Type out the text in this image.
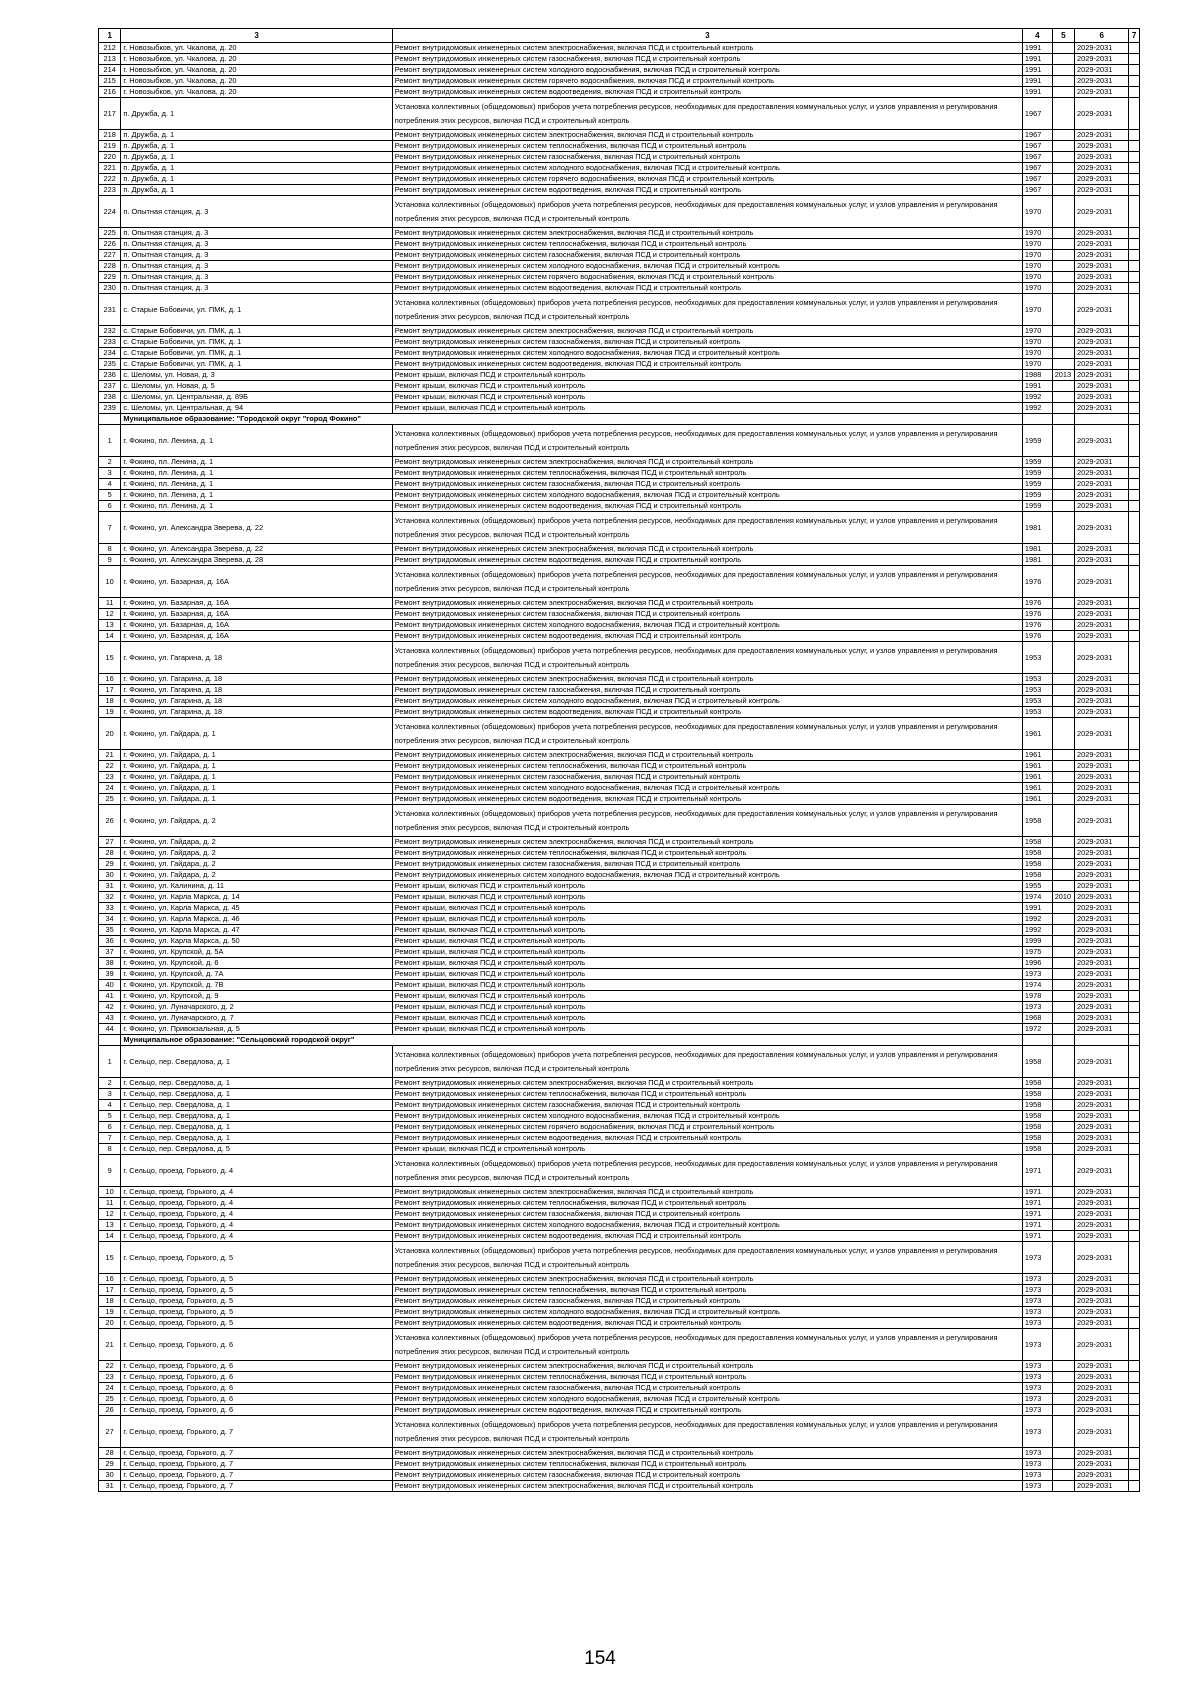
1	3	3	4	5	6	7
212	г. Новозыбков, ул. Чкалова, д. 20	Ремонт внутридомовых инженерных систем электроснабжения, включая ПСД и строительный контроль	1991		2029-2031	
213	г. Новозыбков, ул. Чкалова, д. 20	Ремонт внутридомовых инженерных систем газоснабжения, включая ПСД и строительный контроль	1991		2029-2031	
214	г. Новозыбков, ул. Чкалова, д. 20	Ремонт внутридомовых инженерных систем холодного водоснабжения, включая ПСД и строительный контроль	1991		2029-2031	
215	г. Новозыбков, ул. Чкалова, д. 20	Ремонт внутридомовых инженерных систем горячего водоснабжения, включая ПСД и строительный контроль	1991		2029-2031	
216	г. Новозыбков, ул. Чкалова, д. 20	Ремонт внутридомовых инженерных систем водоотведения, включая ПСД и строительный контроль	1991		2029-2031	
217	п. Дружба, д. 1	Установка коллективных (общедомовых) приборов учета потребления ресурсов, необходимых для предоставления коммунальных услуг, и узлов управления и регулирования потребления этих ресурсов, включая ПСД и строительный контроль	1967		2029-2031	
218	п. Дружба, д. 1	Ремонт внутридомовых инженерных систем электроснабжения, включая ПСД и строительный контроль	1967		2029-2031	
219	п. Дружба, д. 1	Ремонт внутридомовых инженерных систем теплоснабжения, включая ПСД и строительный контроль	1967		2029-2031	
220	п. Дружба, д. 1	Ремонт внутридомовых инженерных систем газоснабжения, включая ПСД и строительный контроль	1967		2029-2031	
221	п. Дружба, д. 1	Ремонт внутридомовых инженерных систем холодного водоснабжения, включая ПСД и строительный контроль	1967		2029-2031	
222	п. Дружба, д. 1	Ремонт внутридомовых инженерных систем горячего водоснабжения, включая ПСД и строительный контроль	1967		2029-2031	
223	п. Дружба, д. 1	Ремонт внутридомовых инженерных систем водоотведения, включая ПСД и строительный контроль	1967		2029-2031	
224	п. Опытная станция, д. 3	Установка коллективных (общедомовых) приборов учета потребления ресурсов, необходимых для предоставления коммунальных услуг, и узлов управления и регулирования потребления этих ресурсов, включая ПСД и строительный контроль	1970		2029-2031	
225	п. Опытная станция, д. 3	Ремонт внутридомовых инженерных систем электроснабжения, включая ПСД и строительный контроль	1970		2029-2031	
226	п. Опытная станция, д. 3	Ремонт внутридомовых инженерных систем теплоснабжения, включая ПСД и строительный контроль	1970		2029-2031	
227	п. Опытная станция, д. 3	Ремонт внутридомовых инженерных систем газоснабжения, включая ПСД и строительный контроль	1970		2029-2031	
228	п. Опытная станция, д. 3	Ремонт внутридомовых инженерных систем холодного водоснабжения, включая ПСД и строительный контроль	1970		2029-2031	
229	п. Опытная станция, д. 3	Ремонт внутридомовых инженерных систем горячего водоснабжения, включая ПСД и строительный контроль	1970		2029-2031	
230	п. Опытная станция, д. 3	Ремонт внутридомовых инженерных систем водоотведения, включая ПСД и строительный контроль	1970		2029-2031	
231	с. Старые Бобовичи, ул. ПМК, д. 1	Установка коллективных (общедомовых) приборов учета потребления ресурсов, необходимых для предоставления коммунальных услуг, и узлов управления и регулирования потребления этих ресурсов, включая ПСД и строительный контроль	1970		2029-2031	
232	с. Старые Бобовичи, ул. ПМК, д. 1	Ремонт внутридомовых инженерных систем электроснабжения, включая ПСД и строительный контроль	1970		2029-2031	
233	с. Старые Бобовичи, ул. ПМК, д. 1	Ремонт внутридомовых инженерных систем газоснабжения, включая ПСД и строительный контроль	1970		2029-2031	
234	с. Старые Бобовичи, ул. ПМК, д. 1	Ремонт внутридомовых инженерных систем холодного водоснабжения, включая ПСД и строительный контроль	1970		2029-2031	
235	с. Старые Бобовичи, ул. ПМК, д. 1	Ремонт внутридомовых инженерных систем водоотведения, включая ПСД и строительный контроль	1970		2029-2031	
236	с. Шеломы, ул. Новая, д. 3	Ремонт крыши, включая ПСД и строительный контроль	1988	2013	2029-2031	
237	с. Шеломы, ул. Новая, д. 5	Ремонт крыши, включая ПСД и строительный контроль	1991		2029-2031	
238	с. Шеломы, ул. Центральная, д. 89Б	Ремонт крыши, включая ПСД и строительный контроль	1992		2029-2031	
239	с. Шеломы, ул. Центральная, д. 94	Ремонт крыши, включая ПСД и строительный контроль	1992		2029-2031	
	Муниципальное образование: "Городской округ "город Фокино"					
1	г. Фокино, пл. Ленина, д. 1	Установка коллективных (общедомовых) приборов учета потребления ресурсов, необходимых для предоставления коммунальных услуг, и узлов управления и регулирования потребления этих ресурсов, включая ПСД и строительный контроль	1959		2029-2031	
2	г. Фокино, пл. Ленина, д. 1	Ремонт внутридомовых инженерных систем электроснабжения, включая ПСД и строительный контроль	1959		2029-2031	
3	г. Фокино, пл. Ленина, д. 1	Ремонт внутридомовых инженерных систем теплоснабжения, включая ПСД и строительный контроль	1959		2029-2031	
4	г. Фокино, пл. Ленина, д. 1	Ремонт внутридомовых инженерных систем газоснабжения, включая ПСД и строительный контроль	1959		2029-2031	
5	г. Фокино, пл. Ленина, д. 1	Ремонт внутридомовых инженерных систем холодного водоснабжения, включая ПСД и строительный контроль	1959		2029-2031	
6	г. Фокино, пл. Ленина, д. 1	Ремонт внутридомовых инженерных систем водоотведения, включая ПСД и строительный контроль	1959		2029-2031	
7	г. Фокино, ул. Александра Зверева, д. 22	Установка коллективных (общедомовых) приборов учета потребления ресурсов, необходимых для предоставления коммунальных услуг, и узлов управления и регулирования потребления этих ресурсов, включая ПСД и строительный контроль	1981		2029-2031	
8	г. Фокино, ул. Александра Зверева, д. 22	Ремонт внутридомовых инженерных систем электроснабжения, включая ПСД и строительный контроль	1981		2029-2031	
9	г. Фокино, ул. Александра Зверева, д. 28	Ремонт внутридомовых инженерных систем водоотведения, включая ПСД и строительный контроль	1981		2029-2031	
10	г. Фокино, ул. Базарная, д. 16А	Установка коллективных (общедомовых) приборов учета потребления ресурсов, необходимых для предоставления коммунальных услуг, и узлов управления и регулирования потребления этих ресурсов, включая ПСД и строительный контроль	1976		2029-2031	
11	г. Фокино, ул. Базарная, д. 16А	Ремонт внутридомовых инженерных систем электроснабжения, включая ПСД и строительный контроль	1976		2029-2031	
12	г. Фокино, ул. Базарная, д. 16А	Ремонт внутридомовых инженерных систем газоснабжения, включая ПСД и строительный контроль	1976		2029-2031	
13	г. Фокино, ул. Базарная, д. 16А	Ремонт внутридомовых инженерных систем холодного водоснабжения, включая ПСД и строительный контроль	1976		2029-2031	
14	г. Фокино, ул. Базарная, д. 16А	Ремонт внутридомовых инженерных систем водоотведения, включая ПСД и строительный контроль	1976		2029-2031	
15	г. Фокино, ул. Гагарина, д. 18	Установка коллективных (общедомовых) приборов учета потребления ресурсов, необходимых для предоставления коммунальных услуг, и узлов управления и регулирования потребления этих ресурсов, включая ПСД и строительный контроль	1953		2029-2031	
16	г. Фокино, ул. Гагарина, д. 18	Ремонт внутридомовых инженерных систем электроснабжения, включая ПСД и строительный контроль	1953		2029-2031	
17	г. Фокино, ул. Гагарина, д. 18	Ремонт внутридомовых инженерных систем газоснабжения, включая ПСД и строительный контроль	1953		2029-2031	
18	г. Фокино, ул. Гагарина, д. 18	Ремонт внутридомовых инженерных систем холодного водоснабжения, включая ПСД и строительный контроль	1953		2029-2031	
19	г. Фокино, ул. Гагарина, д. 18	Ремонт внутридомовых инженерных систем водоотведения, включая ПСД и строительный контроль	1953		2029-2031	
20	г. Фокино, ул. Гайдара, д. 1	Установка коллективных (общедомовых) приборов учета потребления ресурсов, необходимых для предоставления коммунальных услуг, и узлов управления и регулирования потребления этих ресурсов, включая ПСД и строительный контроль	1961		2029-2031	
21	г. Фокино, ул. Гайдара, д. 1	Ремонт внутридомовых инженерных систем электроснабжения, включая ПСД и строительный контроль	1961		2029-2031	
22	г. Фокино, ул. Гайдара, д. 1	Ремонт внутридомовых инженерных систем теплоснабжения, включая ПСД и строительный контроль	1961		2029-2031	
23	г. Фокино, ул. Гайдара, д. 1	Ремонт внутридомовых инженерных систем газоснабжения, включая ПСД и строительный контроль	1961		2029-2031	
24	г. Фокино, ул. Гайдара, д. 1	Ремонт внутридомовых инженерных систем холодного водоснабжения, включая ПСД и строительный контроль	1961		2029-2031	
25	г. Фокино, ул. Гайдара, д. 1	Ремонт внутридомовых инженерных систем водоотведения, включая ПСД и строительный контроль	1961		2029-2031	
26	г. Фокино, ул. Гайдара, д. 2	Установка коллективных (общедомовых) приборов учета потребления ресурсов, необходимых для предоставления коммунальных услуг, и узлов управления и регулирования потребления этих ресурсов, включая ПСД и строительный контроль	1958		2029-2031	
27	г. Фокино, ул. Гайдара, д. 2	Ремонт внутридомовых инженерных систем электроснабжения, включая ПСД и строительный контроль	1958		2029-2031	
28	г. Фокино, ул. Гайдара, д. 2	Ремонт внутридомовых инженерных систем теплоснабжения, включая ПСД и строительный контроль	1958		2029-2031	
29	г. Фокино, ул. Гайдара, д. 2	Ремонт внутридомовых инженерных систем газоснабжения, включая ПСД и строительный контроль	1958		2029-2031	
30	г. Фокино, ул. Гайдара, д. 2	Ремонт внутридомовых инженерных систем холодного водоснабжения, включая ПСД и строительный контроль	1958		2029-2031	
31	г. Фокино, ул. Калинина, д. 11	Ремонт крыши, включая ПСД и строительный контроль	1955		2029-2031	
32	г. Фокино, ул. Карла Маркса, д. 14	Ремонт крыши, включая ПСД и строительный контроль	1974	2010	2029-2031	
33	г. Фокино, ул. Карла Маркса, д. 45	Ремонт крыши, включая ПСД и строительный контроль	1991		2029-2031	
34	г. Фокино, ул. Карла Маркса, д. 46	Ремонт крыши, включая ПСД и строительный контроль	1992		2029-2031	
35	г. Фокино, ул. Карла Маркса, д. 47	Ремонт крыши, включая ПСД и строительный контроль	1992		2029-2031	
36	г. Фокино, ул. Карла Маркса, д. 50	Ремонт крыши, включая ПСД и строительный контроль	1999		2029-2031	
37	г. Фокино, ул. Крупской, д. 5А	Ремонт крыши, включая ПСД и строительный контроль	1975		2029-2031	
38	г. Фокино, ул. Крупской, д. 6	Ремонт крыши, включая ПСД и строительный контроль	1996		2029-2031	
39	г. Фокино, ул. Крупской, д. 7А	Ремонт крыши, включая ПСД и строительный контроль	1973		2029-2031	
40	г. Фокино, ул. Крупской, д. 7В	Ремонт крыши, включая ПСД и строительный контроль	1974		2029-2031	
41	г. Фокино, ул. Крупской, д. 9	Ремонт крыши, включая ПСД и строительный контроль	1978		2029-2031	
42	г. Фокино, ул. Луначарского, д. 2	Ремонт крыши, включая ПСД и строительный контроль	1973		2029-2031	
43	г. Фокино, ул. Луначарского, д. 7	Ремонт крыши, включая ПСД и строительный контроль	1968		2029-2031	
44	г. Фокино, ул. Привокзальная, д. 5	Ремонт крыши, включая ПСД и строительный контроль	1972		2029-2031	
	Муниципальное образование: "Сельцовский городской округ"					
1	г. Сельцо, пер. Свердлова, д. 1	Установка коллективных (общедомовых) приборов учета потребления ресурсов, необходимых для предоставления коммунальных услуг, и узлов управления и регулирования потребления этих ресурсов, включая ПСД и строительный контроль	1958		2029-2031	
2	г. Сельцо, пер. Свердлова, д. 1	Ремонт внутридомовых инженерных систем электроснабжения, включая ПСД и строительный контроль	1958		2029-2031	
3	г. Сельцо, пер. Свердлова, д. 1	Ремонт внутридомовых инженерных систем теплоснабжения, включая ПСД и строительный контроль	1958		2029-2031	
4	г. Сельцо, пер. Свердлова, д. 1	Ремонт внутридомовых инженерных систем газоснабжения, включая ПСД и строительный контроль	1958		2029-2031	
5	г. Сельцо, пер. Свердлова, д. 1	Ремонт внутридомовых инженерных систем холодного водоснабжения, включая ПСД и строительный контроль	1958		2029-2031	
6	г. Сельцо, пер. Свердлова, д. 1	Ремонт внутридомовых инженерных систем горячего водоснабжения, включая ПСД и строительный контроль	1958		2029-2031	
7	г. Сельцо, пер. Свердлова, д. 1	Ремонт внутридомовых инженерных систем водоотведения, включая ПСД и строительный контроль	1958		2029-2031	
8	г. Сельцо, пер. Свердлова, д. 5	Ремонт крыши, включая ПСД и строительный контроль	1958		2029-2031	
9	г. Сельцо, проезд. Горького, д. 4	Установка коллективных (общедомовых) приборов учета потребления ресурсов, необходимых для предоставления коммунальных услуг, и узлов управления и регулирования потребления этих ресурсов, включая ПСД и строительный контроль	1971		2029-2031	
10	г. Сельцо, проезд. Горького, д. 4	Ремонт внутридомовых инженерных систем электроснабжения, включая ПСД и строительный контроль	1971		2029-2031	
11	г. Сельцо, проезд. Горького, д. 4	Ремонт внутридомовых инженерных систем теплоснабжения, включая ПСД и строительный контроль	1971		2029-2031	
12	г. Сельцо, проезд. Горького, д. 4	Ремонт внутридомовых инженерных систем газоснабжения, включая ПСД и строительный контроль	1971		2029-2031	
13	г. Сельцо, проезд. Горького, д. 4	Ремонт внутридомовых инженерных систем холодного водоснабжения, включая ПСД и строительный контроль	1971		2029-2031	
14	г. Сельцо, проезд. Горького, д. 4	Ремонт внутридомовых инженерных систем водоотведения, включая ПСД и строительный контроль	1971		2029-2031	
15	г. Сельцо, проезд. Горького, д. 5	Установка коллективных (общедомовых) приборов учета потребления ресурсов, необходимых для предоставления коммунальных услуг, и узлов управления и регулирования потребления этих ресурсов, включая ПСД и строительный контроль	1973		2029-2031	
16	г. Сельцо, проезд. Горького, д. 5	Ремонт внутридомовых инженерных систем электроснабжения, включая ПСД и строительный контроль	1973		2029-2031	
17	г. Сельцо, проезд. Горького, д. 5	Ремонт внутридомовых инженерных систем теплоснабжения, включая ПСД и строительный контроль	1973		2029-2031	
18	г. Сельцо, проезд. Горького, д. 5	Ремонт внутридомовых инженерных систем газоснабжения, включая ПСД и строительный контроль	1973		2029-2031	
19	г. Сельцо, проезд. Горького, д. 5	Ремонт внутридомовых инженерных систем холодного водоснабжения, включая ПСД и строительный контроль	1973		2029-2031	
20	г. Сельцо, проезд. Горького, д. 5	Ремонт внутридомовых инженерных систем водоотведения, включая ПСД и строительный контроль	1973		2029-2031	
21	г. Сельцо, проезд. Горького, д. 6	Установка коллективных (общедомовых) приборов учета потребления ресурсов, необходимых для предоставления коммунальных услуг, и узлов управления и регулирования потребления этих ресурсов, включая ПСД и строительный контроль	1973		2029-2031	
22	г. Сельцо, проезд. Горького, д. 6	Ремонт внутридомовых инженерных систем электроснабжения, включая ПСД и строительный контроль	1973		2029-2031	
23	г. Сельцо, проезд. Горького, д. 6	Ремонт внутридомовых инженерных систем теплоснабжения, включая ПСД и строительный контроль	1973		2029-2031	
24	г. Сельцо, проезд. Горького, д. 6	Ремонт внутридомовых инженерных систем газоснабжения, включая ПСД и строительный контроль	1973		2029-2031	
25	г. Сельцо, проезд. Горького, д. 6	Ремонт внутридомовых инженерных систем холодного водоснабжения, включая ПСД и строительный контроль	1973		2029-2031	
26	г. Сельцо, проезд. Горького, д. 6	Ремонт внутридомовых инженерных систем водоотведения, включая ПСД и строительный контроль	1973		2029-2031	
27	г. Сельцо, проезд. Горького, д. 7	Установка коллективных (общедомовых) приборов учета потребления ресурсов, необходимых для предоставления коммунальных услуг, и узлов управления и регулирования потребления этих ресурсов, включая ПСД и строительный контроль	1973		2029-2031	
28	г. Сельцо, проезд. Горького, д. 7	Ремонт внутридомовых инженерных систем электроснабжения, включая ПСД и строительный контроль	1973		2029-2031	
29	г. Сельцо, проезд. Горького, д. 7	Ремонт внутридомовых инженерных систем теплоснабжения, включая ПСД и строительный контроль	1973		2029-2031	
30	г. Сельцо, проезд. Горького, д. 7	Ремонт внутридомовых инженерных систем газоснабжения, включая ПСД и строительный контроль	1973		2029-2031	
31	г. Сельцо, проезд. Горького, д. 7	Ремонт внутридомовых инженерных систем электроснабжения, включая ПСД и строительный контроль	1973		2029-2031	
154
